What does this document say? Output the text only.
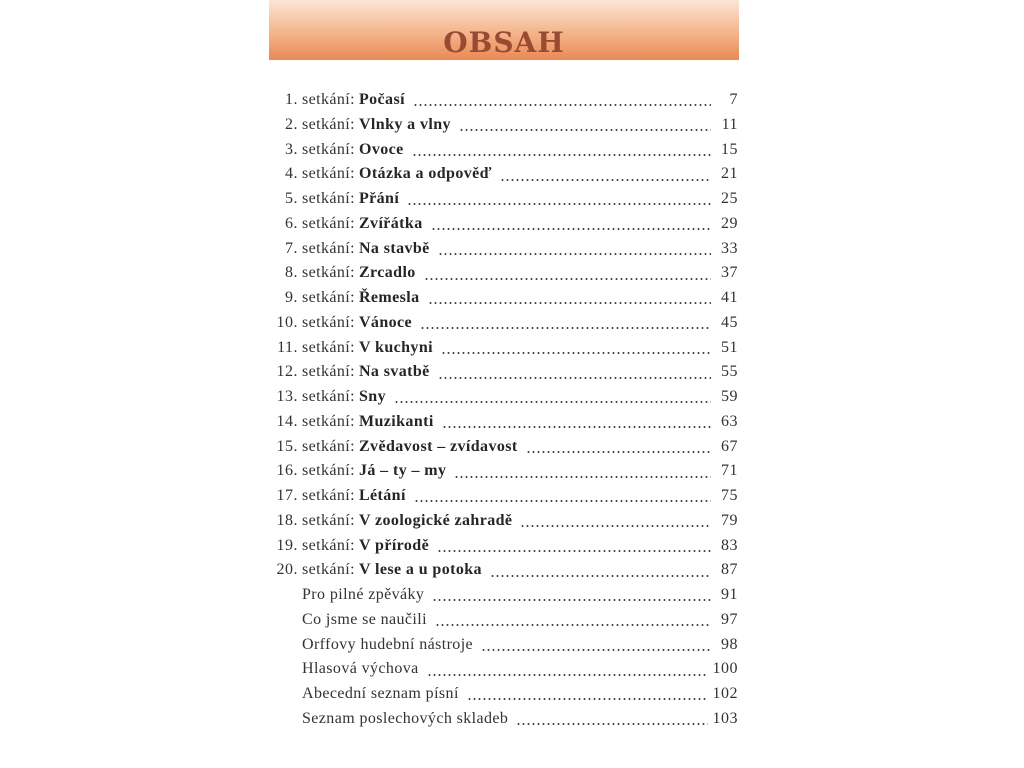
OBSAH
1. setkání: Počasí	7
2. setkání: Vlnky a vlny	11
3. setkání: Ovoce	15
4. setkání: Otázka a odpověď	21
5. setkání: Přání	25
6. setkání: Zvířátka	29
7. setkání: Na stavbě	33
8. setkání: Zrcadlo	37
9. setkání: Řemesla	41
10. setkání: Vánoce	45
11. setkání: V kuchyni	51
12. setkání: Na svatbě	55
13. setkání: Sny	59
14. setkání: Muzikanti	63
15. setkání: Zvědavost – zvídavost	67
16. setkání: Já – ty – my	71
17. setkání: Létání	75
18. setkání: V zoologické zahradě	79
19. setkání: V přírodě	83
20. setkání: V lese a u potoka	87
Pro pilné zpěváky	91
Co jsme se naučili	97
Orffovy hudební nástroje	98
Hlasová výchova	100
Abecední seznam písní	102
Seznam poslechových skladeb	103
